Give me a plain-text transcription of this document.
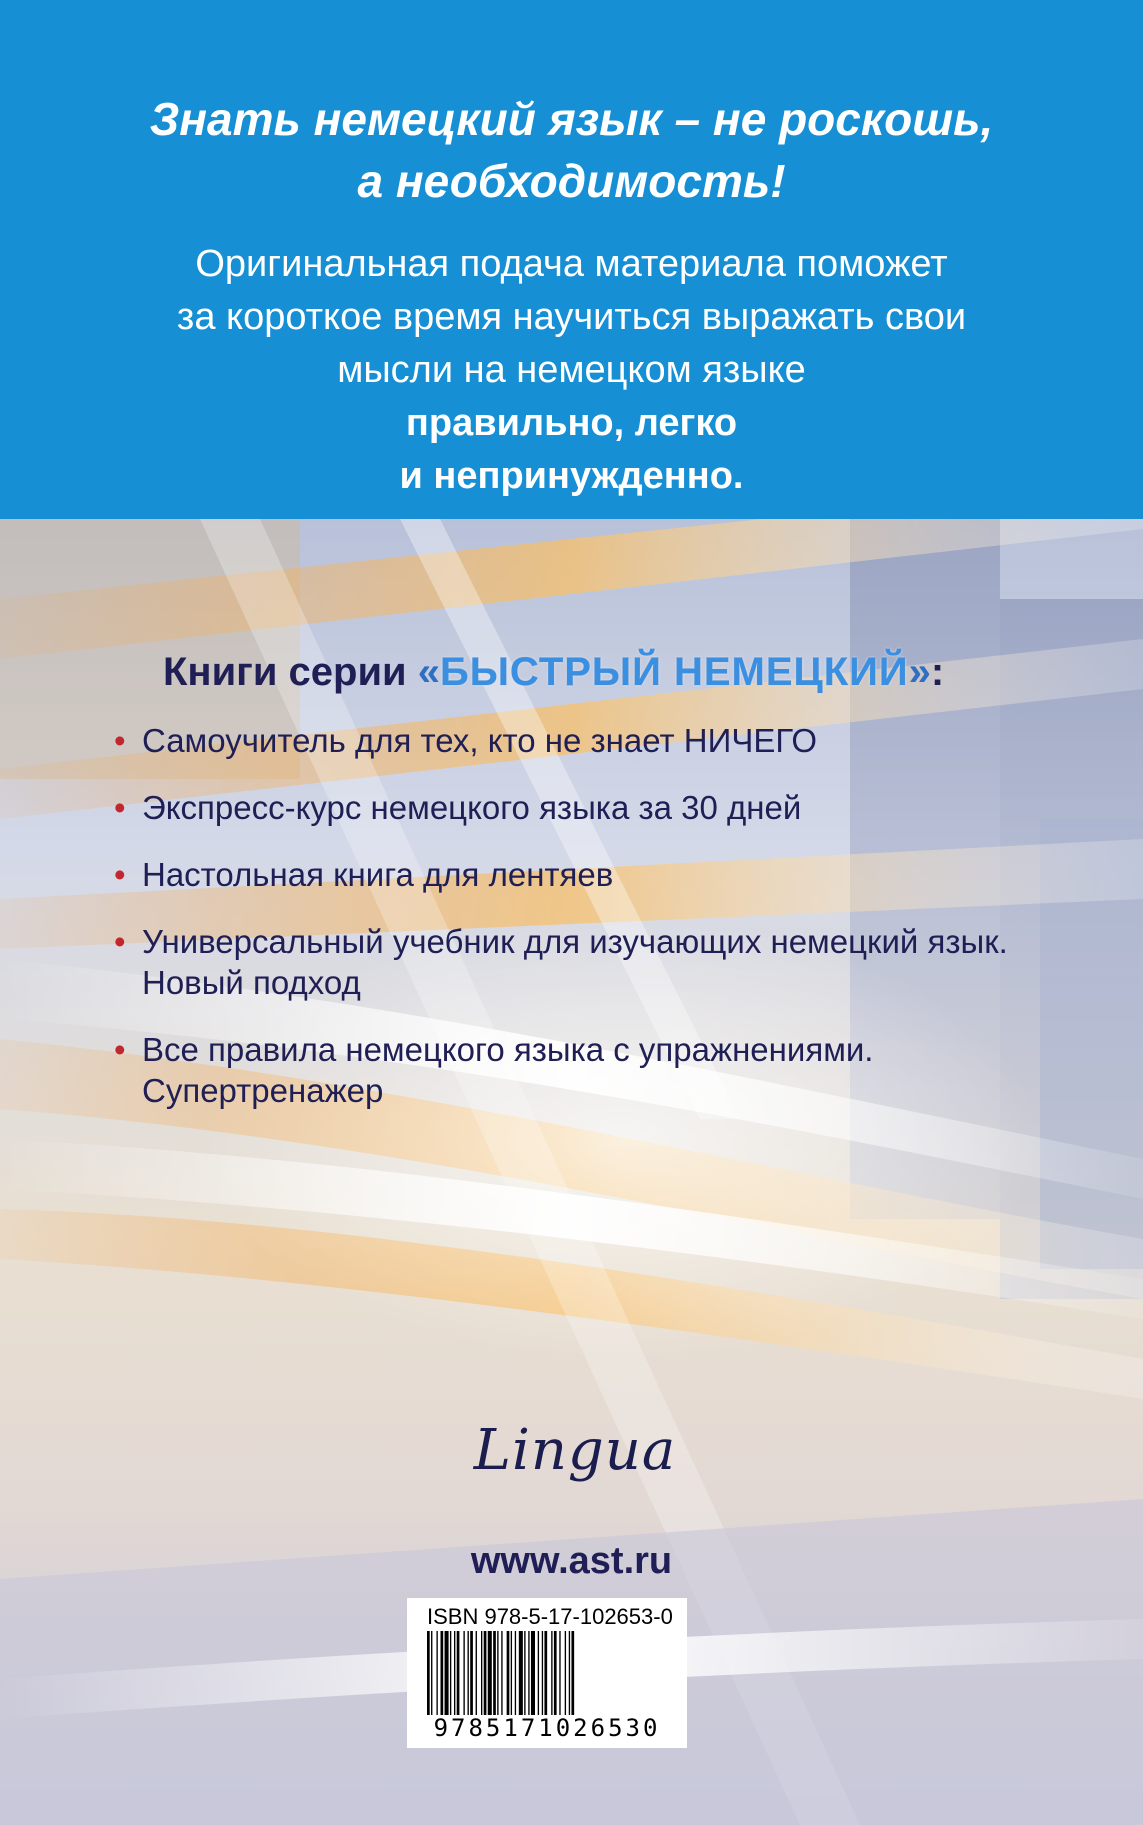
Знать немецкий язык – не роскошь,
а необходимость!
Оригинальная подача материала поможет
за короткое время научиться выражать свои
мысли на немецком языке
правильно, легко
и непринужденно.
Книги серии «БЫСТРЫЙ НЕМЕЦКИЙ»:
• Самоучитель для тех, кто не знает НИЧЕГО
• Экспресс-курс немецкого языка за 30 дней
• Настольная книга для лентяев
• Универсальный учебник для изучающих немецкий язык. Новый подход
• Все правила немецкого языка с упражнениями. Супертренажер
Lingua
www.ast.ru
ISBN 978-5-17-102653-0
9785171026530
